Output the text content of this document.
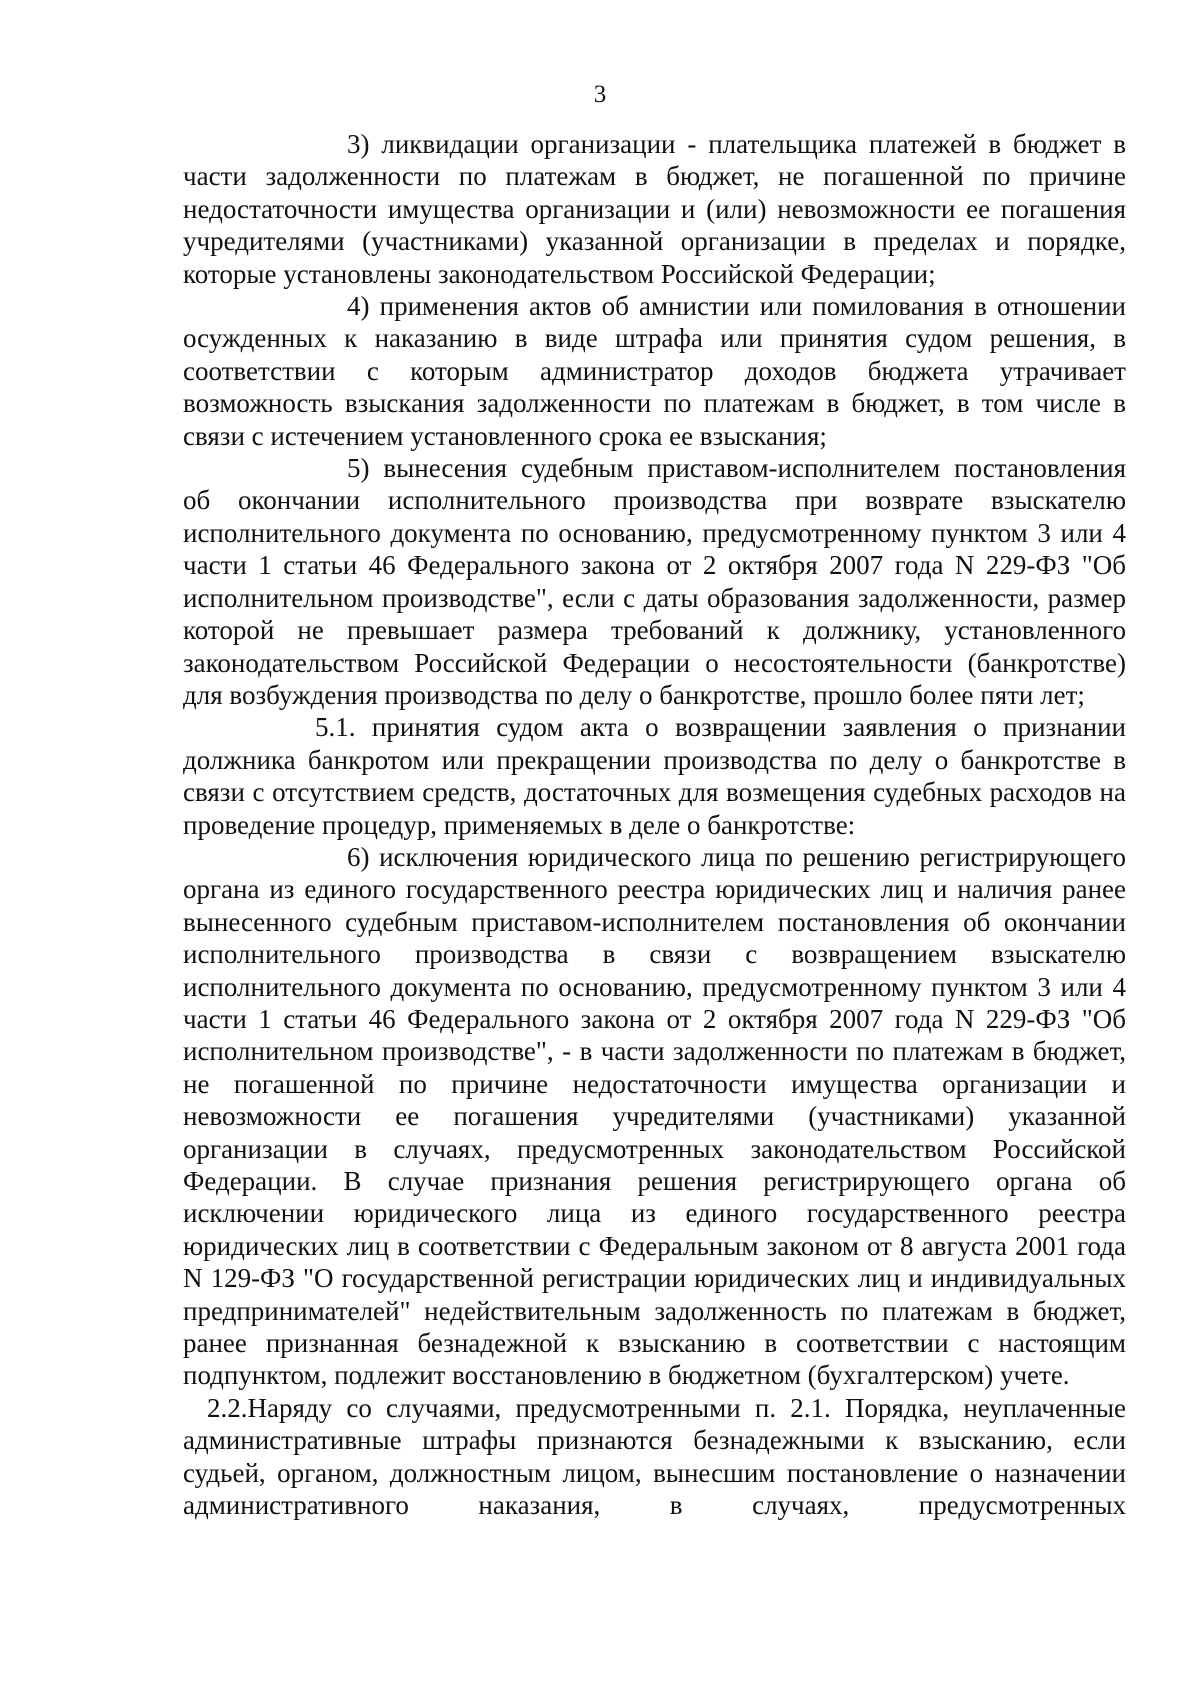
3

3) ликвидации организации - плательщика платежей в бюджет в части задолженности по платежам в бюджет, не погашенной по причине недостаточности имущества организации и (или) невозможности ее погашения учредителями (участниками) указанной организации в пределах и порядке, которые установлены законодательством Российской Федерации;

4) применения актов об амнистии или помилования в отношении осужденных к наказанию в виде штрафа или принятия судом решения, в соответствии с которым администратор доходов бюджета утрачивает возможность взыскания задолженности по платежам в бюджет, в том числе в связи с истечением установленного срока ее взыскания;

5) вынесения судебным приставом-исполнителем постановления об окончании исполнительного производства при возврате взыскателю исполнительного документа по основанию, предусмотренному пунктом 3 или 4 части 1 статьи 46 Федерального закона от 2 октября 2007 года N 229-ФЗ "Об исполнительном производстве", если с даты образования задолженности, размер которой не превышает размера требований к должнику, установленного законодательством Российской Федерации о несостоятельности (банкротстве) для возбуждения производства по делу о банкротстве, прошло более пяти лет;

5.1. принятия судом акта о возвращении заявления о признании должника банкротом или прекращении производства по делу о банкротстве в связи с отсутствием средств, достаточных для возмещения судебных расходов на проведение процедур, применяемых в деле о банкротстве:

6) исключения юридического лица по решению регистрирующего органа из единого государственного реестра юридических лиц и наличия ранее вынесенного судебным приставом-исполнителем постановления об окончании исполнительного производства в связи с возвращением взыскателю исполнительного документа по основанию, предусмотренному пунктом 3 или 4 части 1 статьи 46 Федерального закона от 2 октября 2007 года N 229-ФЗ "Об исполнительном производстве", - в части задолженности по платежам в бюджет, не погашенной по причине недостаточности имущества организации и невозможности ее погашения учредителями (участниками) указанной организации в случаях, предусмотренных законодательством Российской Федерации. В случае признания решения регистрирующего органа об исключении юридического лица из единого государственного реестра юридических лиц в соответствии с Федеральным законом от 8 августа 2001 года N 129-ФЗ "О государственной регистрации юридических лиц и индивидуальных предпринимателей" недействительным задолженность по платежам в бюджет, ранее признанная безнадежной к взысканию в соответствии с настоящим подпунктом, подлежит восстановлению в бюджетном (бухгалтерском) учете.

2.2.Наряду со случаями, предусмотренными п. 2.1. Порядка, неуплаченные административные штрафы признаются безнадежными к взысканию, если судьей, органом, должностным лицом, вынесшим постановление о назначении административного наказания, в случаях, предусмотренных
